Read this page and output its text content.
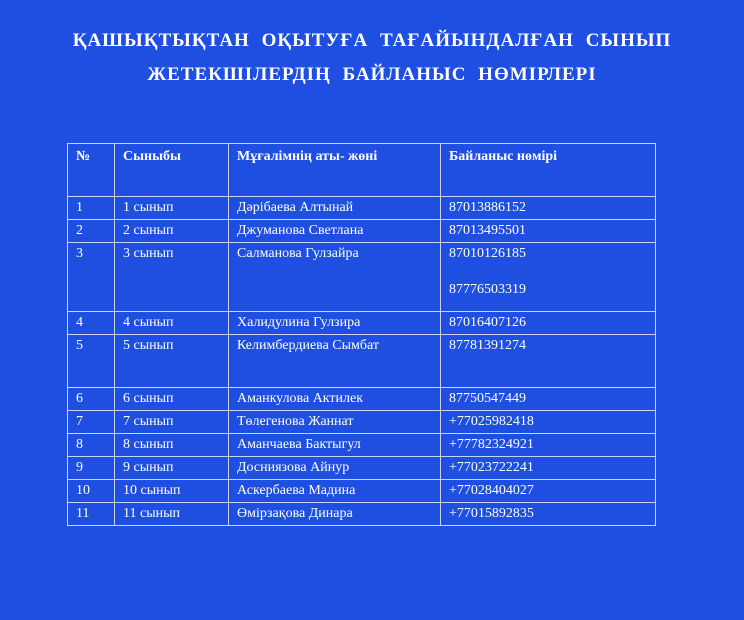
ҚАШЫҚТЫҚТАН ОҚЫТУҒА ТАҒАЙЫНДАЛҒАН СЫНЫП
ЖЕТЕКШІЛЕРДІҢ БАЙЛАНЫС НӨМІРЛЕРІ
№	Сыныбы	Мұғалімнің аты- жөні	Байланыс нөмірі
1	1 сынып	Дәрібаева Алтынай	87013886152
2	2 сынып	Джуманова Светлана	87013495501
3	3 сынып	Салманова Гулзайра	87010126185
87776503319

4	4 сынып	Халидулина Гулзира	87016407126
5	5 сынып	Келимбердиева Сымбат	87781391274
6	6 сынып	Аманкулова Актилек	87750547449
7	7 сынып	Төлегенова Жаннат	+77025982418
8	8 сынып	Аманчаева Бактыгул	+77782324921
9	9 сынып	Досниязова Айнур	+77023722241
10	10 сынып	Аскербаева Мадина	+77028404027
11	11 сынып	Өмірзақова Динара	+77015892835
